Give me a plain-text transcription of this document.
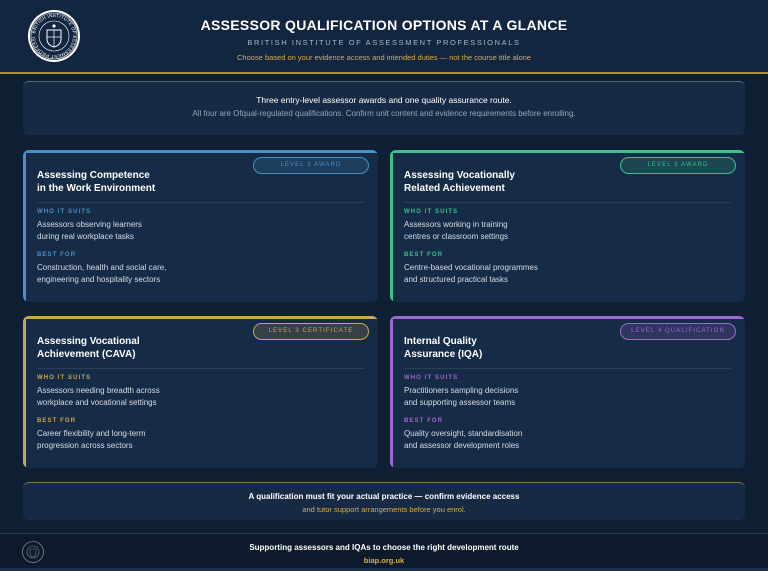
BRITISH INSTITUTE OF ASSESSMENT PROFESSI
ASSESSOR QUALIFICATION OPTIONS AT A GLANCE
BRITISH INSTITUTE OF ASSESSMENT PROFESSIONALS
Choose based on your evidence access and intended duties — not the course title alone
Three entry-level assessor awards and one quality assurance route.
All four are Ofqual-regulated qualifications. Confirm unit content and evidence requirements before enrolling.
Assessing Competence
in the Work Environment
LEVEL 3 AWARD
WHO IT SUITS
Assessors observing learners
during real workplace tasks
BEST FOR
Construction, health and social care,
engineering and hospitality sectors
Assessing Vocationally
Related Achievement
LEVEL 3 AWARD
WHO IT SUITS
Assessors working in training
centres or classroom settings
BEST FOR
Centre-based vocational programmes
and structured practical tasks
Assessing Vocational
Achievement (CAVA)
LEVEL 3 CERTIFICATE
WHO IT SUITS
Assessors needing breadth across
workplace and vocational settings
BEST FOR
Career flexibility and long-term
progression across sectors
Internal Quality
Assurance (IQA)
LEVEL 4 QUALIFICATION
WHO IT SUITS
Practitioners sampling decisions
and supporting assessor teams
BEST FOR
Quality oversight, standardisation
and assessor development roles
A qualification must fit your actual practice — confirm evidence access
and tutor support arrangements before you enrol.
Supporting assessors and IQAs to choose the right development route
biap.org.uk
